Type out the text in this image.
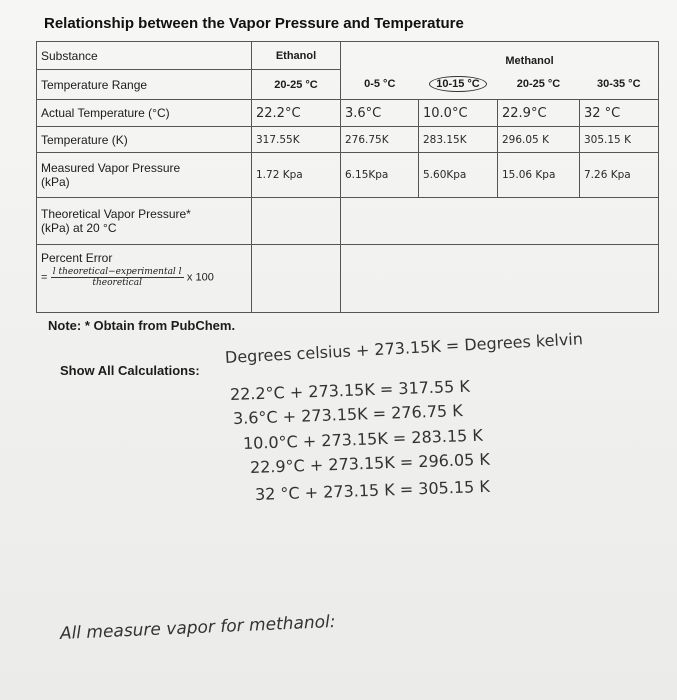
Relationship between the Vapor Pressure and Temperature
Substance	Ethanol	Methanol			
Temperature Range	20-25 °C	0-5 °C	10-15 °C	20-25 °C	30-35 °C
Actual Temperature (°C)	22.2°C	3.6°C	10.0°C	22.9°C	32 °C
Temperature (K)	317.55K	276.75K	283.15K	296.05 K	305.15 K

Measured Vapor Pressure
(kPa)	1.72 Kpa	6.15Kpa	5.60Kpa	15.06 Kpa	7.26 Kpa

Theoretical Vapor Pressure*
(kPa) at 20 °C					

Percent Error
= $\frac{\text{l theoretical−experimental l}}{\text{theoretical}}$ x 100					

Note: * Obtain from PubChem.
Show All Calculations:
Degrees celsius + 273.15K = Degrees kelvin
22.2°C + 273.15K = 317.55 K
3.6°C + 273.15K = 276.75 K
10.0°C + 273.15K = 283.15 K
22.9°C + 273.15K = 296.05 K
32 °C + 273.15 K = 305.15 K
All measure vapor for methanol:
